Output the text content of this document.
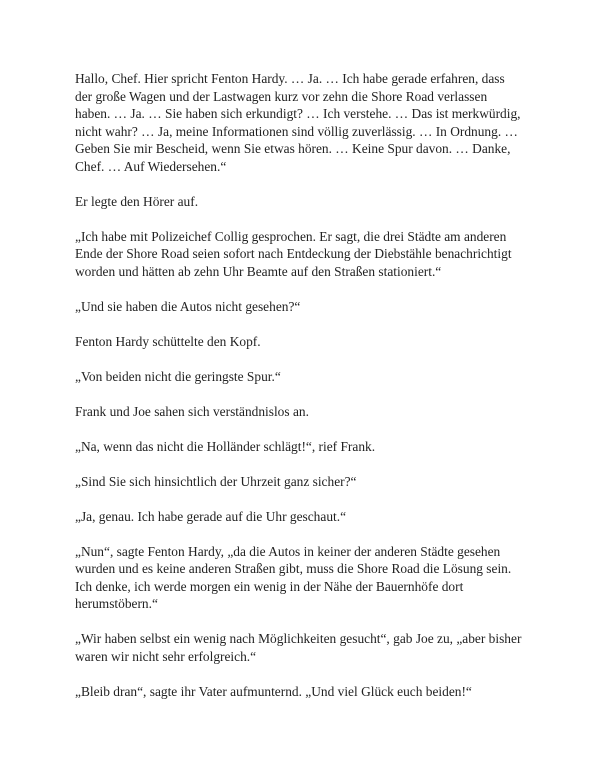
Hallo, Chef. Hier spricht Fenton Hardy. … Ja. … Ich habe gerade erfahren, dass der große Wagen und der Lastwagen kurz vor zehn die Shore Road verlassen haben. … Ja. … Sie haben sich erkundigt? … Ich verstehe. … Das ist merkwürdig, nicht wahr? … Ja, meine Informationen sind völlig zuverlässig. … In Ordnung. … Geben Sie mir Bescheid, wenn Sie etwas hören. … Keine Spur davon. … Danke, Chef. … Auf Wiedersehen.“

Er legte den Hörer auf.

„Ich habe mit Polizeichef Collig gesprochen. Er sagt, die drei Städte am anderen Ende der Shore Road seien sofort nach Entdeckung der Diebstähle benachrichtigt worden und hätten ab zehn Uhr Beamte auf den Straßen stationiert.“

„Und sie haben die Autos nicht gesehen?“

Fenton Hardy schüttelte den Kopf.

„Von beiden nicht die geringste Spur.“

Frank und Joe sahen sich verständnislos an.

„Na, wenn das nicht die Holländer schlägt!“, rief Frank.

„Sind Sie sich hinsichtlich der Uhrzeit ganz sicher?“

„Ja, genau. Ich habe gerade auf die Uhr geschaut.“

„Nun“, sagte Fenton Hardy, „da die Autos in keiner der anderen Städte gesehen wurden und es keine anderen Straßen gibt, muss die Shore Road die Lösung sein. Ich denke, ich werde morgen ein wenig in der Nähe der Bauernhöfe dort herumstöbern.“

„Wir haben selbst ein wenig nach Möglichkeiten gesucht“, gab Joe zu, „aber bisher waren wir nicht sehr erfolgreich.“

„Bleib dran“, sagte ihr Vater aufmunternd. „Und viel Glück euch beiden!“
